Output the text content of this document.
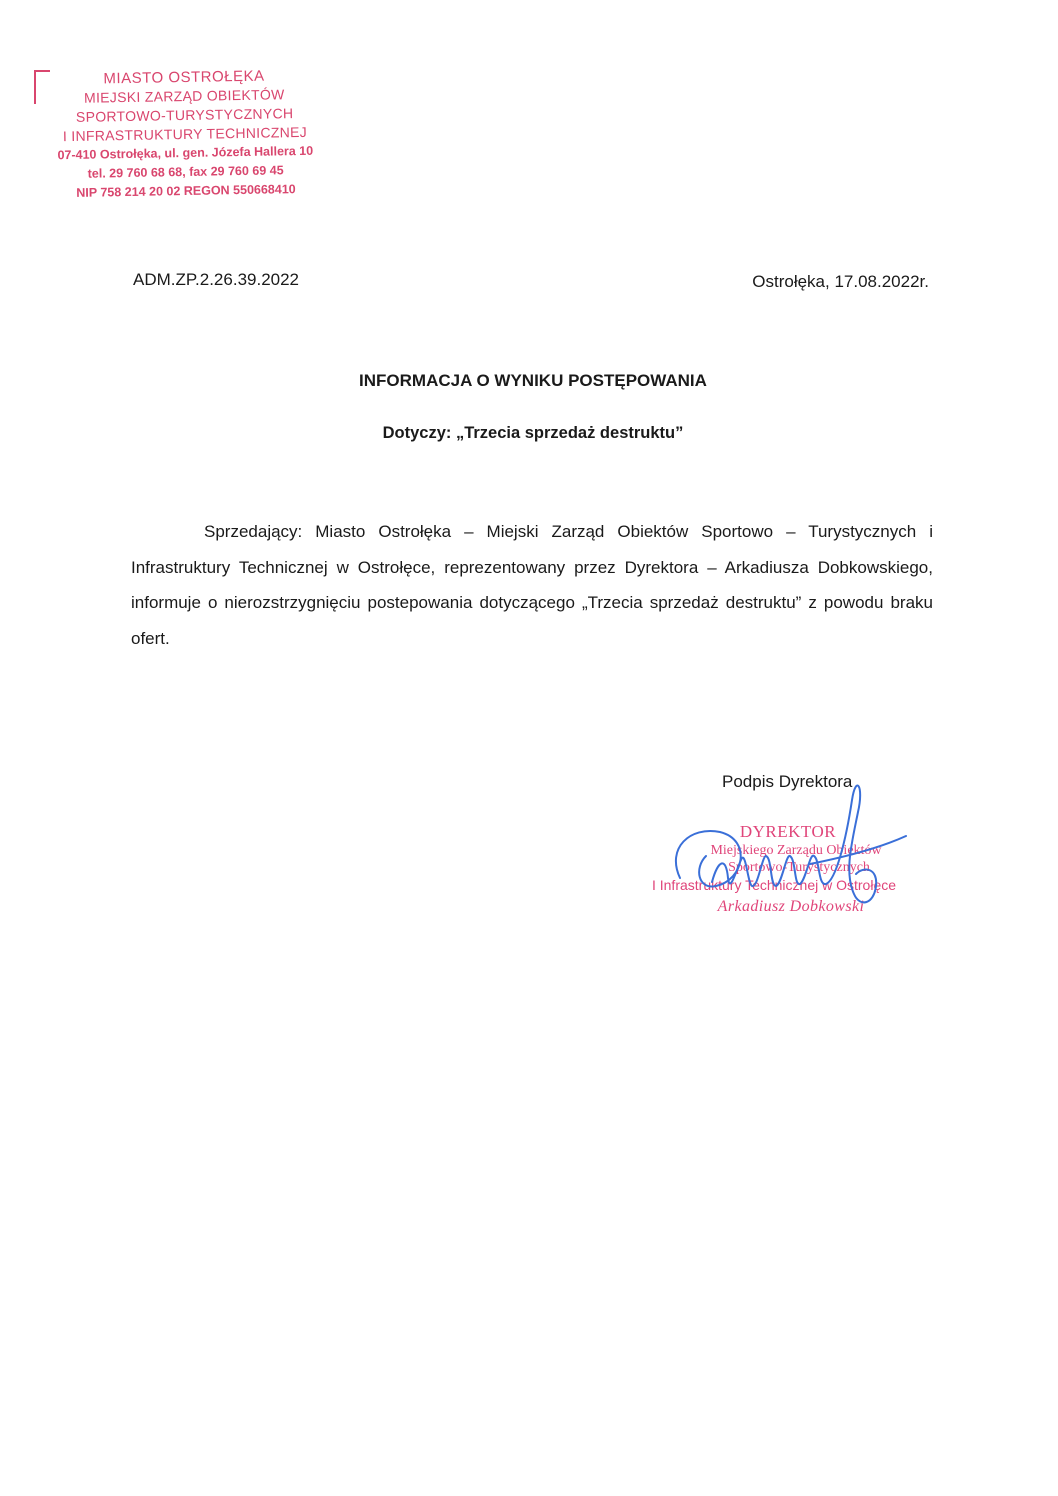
MIASTO OSTROŁĘKA
MIEJSKI ZARZĄD OBIEKTÓW
SPORTOWO-TURYSTYCZNYCH
I INFRASTRUKTURY TECHNICZNEJ
07-410 Ostrołęka, ul. gen. Józefa Hallera 10
tel. 29 760 68 68, fax 29 760 69 45
NIP 758 214 20 02 REGON 550668410
ADM.ZP.2.26.39.2022	Ostrołęka, 17.08.2022r.
INFORMACJA O WYNIKU POSTĘPOWANIA
Dotyczy: „Trzecia sprzedaż destruktu”
Sprzedający: Miasto Ostrołęka – Miejski Zarząd Obiektów Sportowo – Turystycznych i Infrastruktury Technicznej w Ostrołęce, reprezentowany przez Dyrektora – Arkadiusza Dobkowskiego, informuje o nierozstrzygnięciu postepowania dotyczącego „Trzecia sprzedaż destruktu” z powodu braku ofert.
Podpis Dyrektora
DYREKTOR
Miejskiego Zarządu Obiektów
Sportowo-Turystycznych
I Infrastruktury Technicznej w Ostrołęce
Arkadiusz Dobkowski
